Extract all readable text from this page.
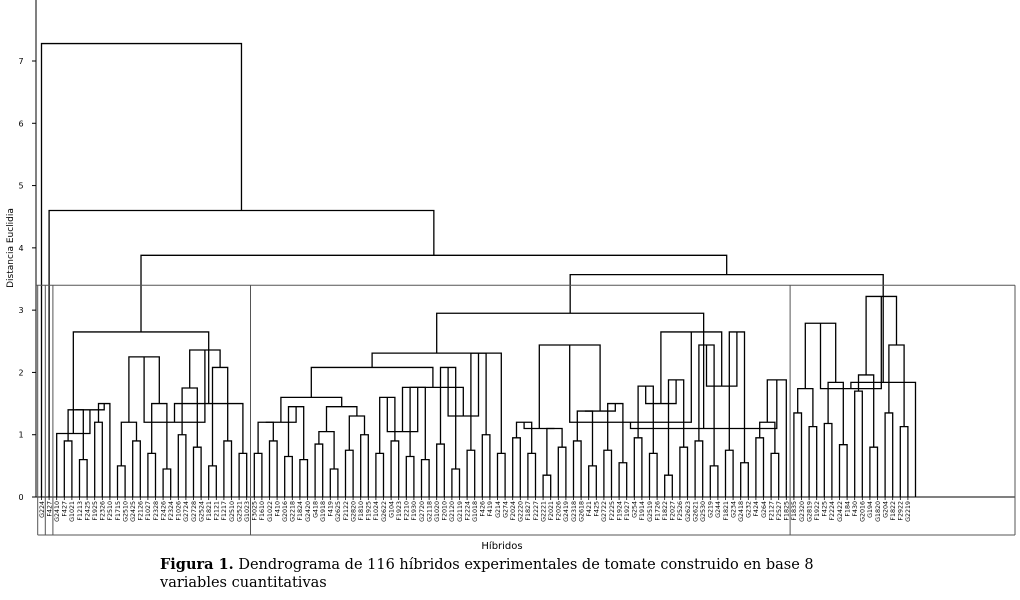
0
1
2
3
4
5
6
7
G224 F427 G2410 F427 G1021 F1213 F2425 F1925 F2326 F2510 F1715 G2510 G2425 F2126 F1027 F2328 F2426 F2324 F1026 G2724 G2728 G2524 F1821 F2121 F1217 G2510 G2521 G1023 F3025 F1610 G1022 F410 G2016 G2218 F1824 G2420 G418 G1918 F419 G2625 F2122 G2820 F1810 F1925 F1024 G2622 G104 F1923 F2210 F1930 G2720 G2118 G1020 F2010 G2120 G2119 F2224 G1018 F426 F419 G214 G274 F2024 G2220 F1827 F2227 G2221 F2021 F2026 G2419 G2318 G2618 F421 F425 G2722 F2225 F1924 F1927 G254 F1914 G2519 F1726 F1822 F2027 F2526 G2623 G2621 G2530 G219 G244 F1821 G234 G2418 G232 F424 G264 F2127 F2527 F1825 F1835 G2320 G2819 F1922 F425 F2224 G2422 F184 F430 G2016 G194 G1820 G204 F1822 F2922 G2219
Distancia Euclidia
Híbridos
Figura 1. Dendrograma de 116 híbridos experimentales de tomate construido en base 8 variables cuantitativas
